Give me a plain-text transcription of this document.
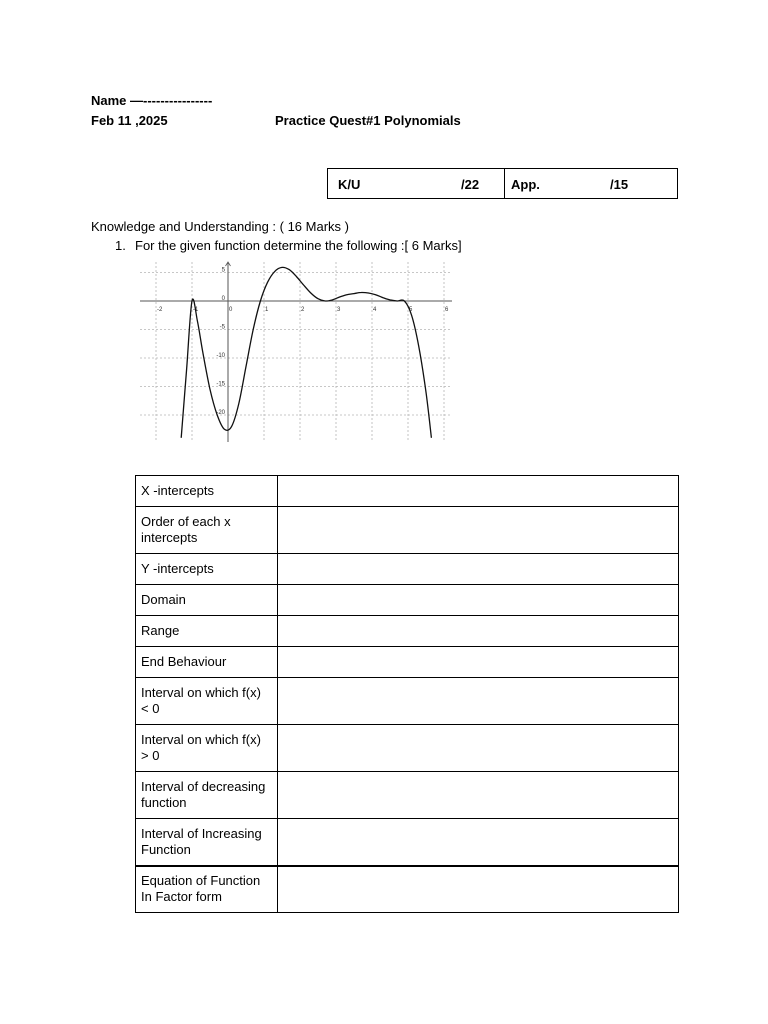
Name —----------------
Feb 11 ,2025	Practice Quest#1 Polynomials
K/U	/22 App.	/15
Knowledge and Understanding : ( 16 Marks )
1. For the given function determine the following :[ 6 Marks]
-2	-1	0	1	2	3	4	5	6
5
0
-5
-10
-15
-20
X -intercepts	
Order of each x intercepts	
Y -intercepts	
Domain	
Range	
End Behaviour	
Interval on which f(x) < 0	
Interval on which f(x) > 0	
Interval of decreasing function	
Interval of Increasing Function	
Equation of Function In Factor form	
